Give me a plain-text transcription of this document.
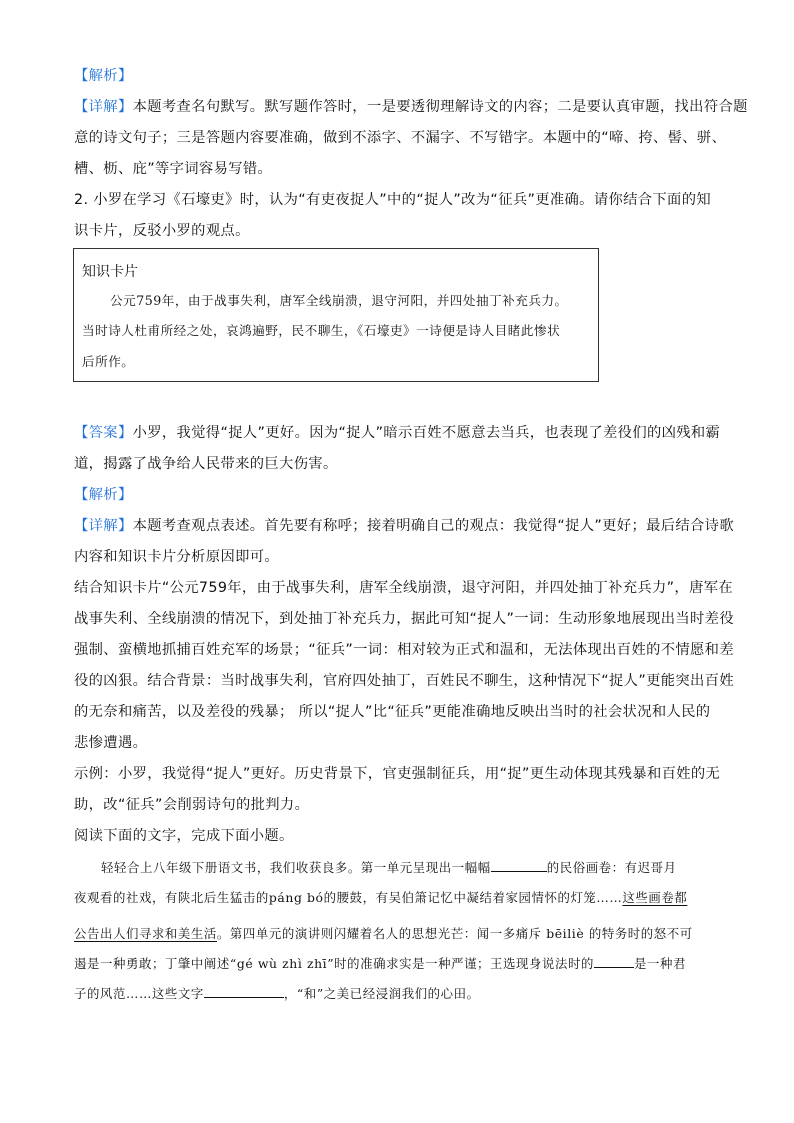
【解析】
【详解】本题考查名句默写。默写题作答时，一是要透彻理解诗文的内容；二是要认真审题，找出符合题
意的诗文句子；三是答题内容要准确，做到不添字、不漏字、不写错字。本题中的“啼、挎、髻、骈、
槽、枥、庇”等字词容易写错。
2. 小罗在学习《石壕吏》时，认为“有吏夜捉人”中的“捉人”改为“征兵”更准确。请你结合下面的知
识卡片，反驳小罗的观点。
知识卡片
公元759年，由于战事失利，唐军全线崩溃，退守河阳，并四处抽丁补充兵力。
当时诗人杜甫所经之处，哀鸿遍野，民不聊生，《石壕吏》一诗便是诗人目睹此惨状
后所作。
【答案】小罗，我觉得“捉人”更好。因为“捉人”暗示百姓不愿意去当兵，也表现了差役们的凶残和霸
道，揭露了战争给人民带来的巨大伤害。
【解析】
【详解】本题考查观点表述。首先要有称呼；接着明确自己的观点：我觉得“捉人”更好；最后结合诗歌
内容和知识卡片分析原因即可。
结合知识卡片“公元759年，由于战事失利，唐军全线崩溃，退守河阳，并四处抽丁补充兵力”，唐军在
战事失利、全线崩溃的情况下，到处抽丁补充兵力，据此可知“捉人”一词：生动形象地展现出当时差役
强制、蛮横地抓捕百姓充军的场景；“征兵”一词：相对较为正式和温和，无法体现出百姓的不情愿和差
役的凶狠。结合背景：当时战事失利，官府四处抽丁，百姓民不聊生，这种情况下“捉人”更能突出百姓
的无奈和痛苦，以及差役的残暴； 所以“捉人”比“征兵”更能准确地反映出当时的社会状况和人民的
悲惨遭遇。
示例：小罗，我觉得“捉人”更好。历史背景下，官吏强制征兵，用“捉”更生动体现其残暴和百姓的无
助，改“征兵”会削弱诗句的批判力。
阅读下面的文字，完成下面小题。
轻轻合上八年级下册语文书，我们收获良多。第一单元呈现出一幅幅	的民俗画卷：有迟哥月
夜观看的社戏，有陕北后生猛击的páng bó的腰鼓，有吴伯箫记忆中凝结着家园情怀的灯笼……这些画卷都
公告出人们寻求和美生活。第四单元的演讲则闪耀着名人的思想光芒：闻一多痛斥 bēiliè 的特务时的怒不可
遏是一种勇敢；丁肇中阐述“gé wù zhì zhī”时的准确求实是一种严谨；王选现身说法时的	是一种君
子的风范……这些文字	，“和”之美已经浸润我们的心田。
